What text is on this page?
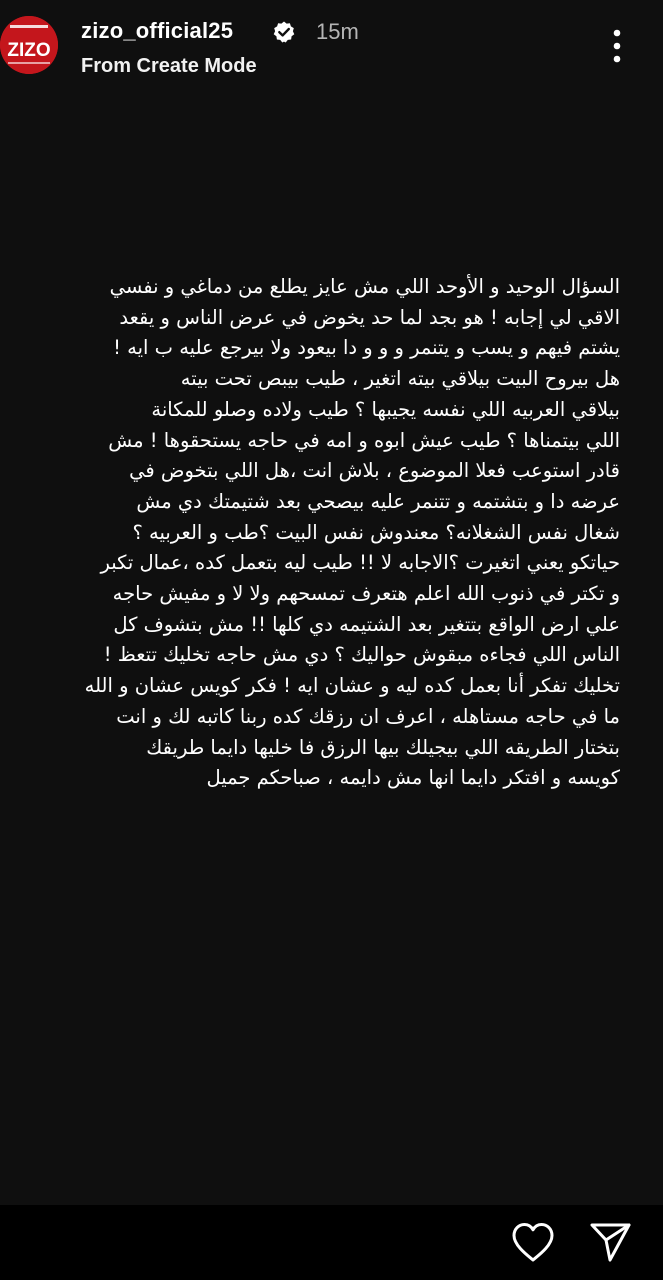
ZIZO
zizo_official25	15m
From Create Mode
السؤال الوحيد و الأوحد اللي مش عايز يطلع من دماغي و نفسي
الاقي لي إجابه ! هو بجد لما حد يخوض في عرض الناس و يقعد
يشتم فيهم و يسب و يتنمر و و و دا بيعود ولا بيرجع عليه ب ايه !
هل بيروح البيت بيلاقي بيته اتغير ، طيب بيبص تحت بيته
بيلاقي العربيه اللي نفسه يجيبها ؟ طيب ولاده وصلو للمكانة
اللي بيتمناها ؟ طيب عيش ابوه و امه في حاجه يستحقوها ! مش
قادر استوعب فعلا الموضوع ، بلاش انت ،هل اللي بتخوض في
عرضه دا و بتشتمه و تتنمر عليه بيصحي بعد شتيمتك دي مش
شغال نفس الشغلانه؟ معندوش نفس البيت ؟طب و العربيه ؟
حياتكو يعني اتغيرت ؟الاجابه لا !! طيب ليه بتعمل كده ،عمال تكبر
و تكتر في ذنوب الله اعلم هتعرف تمسحهم ولا لا و مفيش حاجه
علي ارض الواقع بتتغير بعد الشتيمه دي كلها !! مش بتشوف كل
الناس اللي فجاءه مبقوش حواليك ؟ دي مش حاجه تخليك تتعظ !
تخليك تفكر أنا بعمل كده ليه و عشان ايه ! فكر كويس عشان و الله
ما في حاجه مستاهله ، اعرف ان رزقك كده ربنا كاتبه لك و انت
بتختار الطريقه اللي بيجيلك بيها الرزق فا خليها دايما طريقك
كويسه و افتكر دايما انها مش دايمه ، صباحكم جميل
